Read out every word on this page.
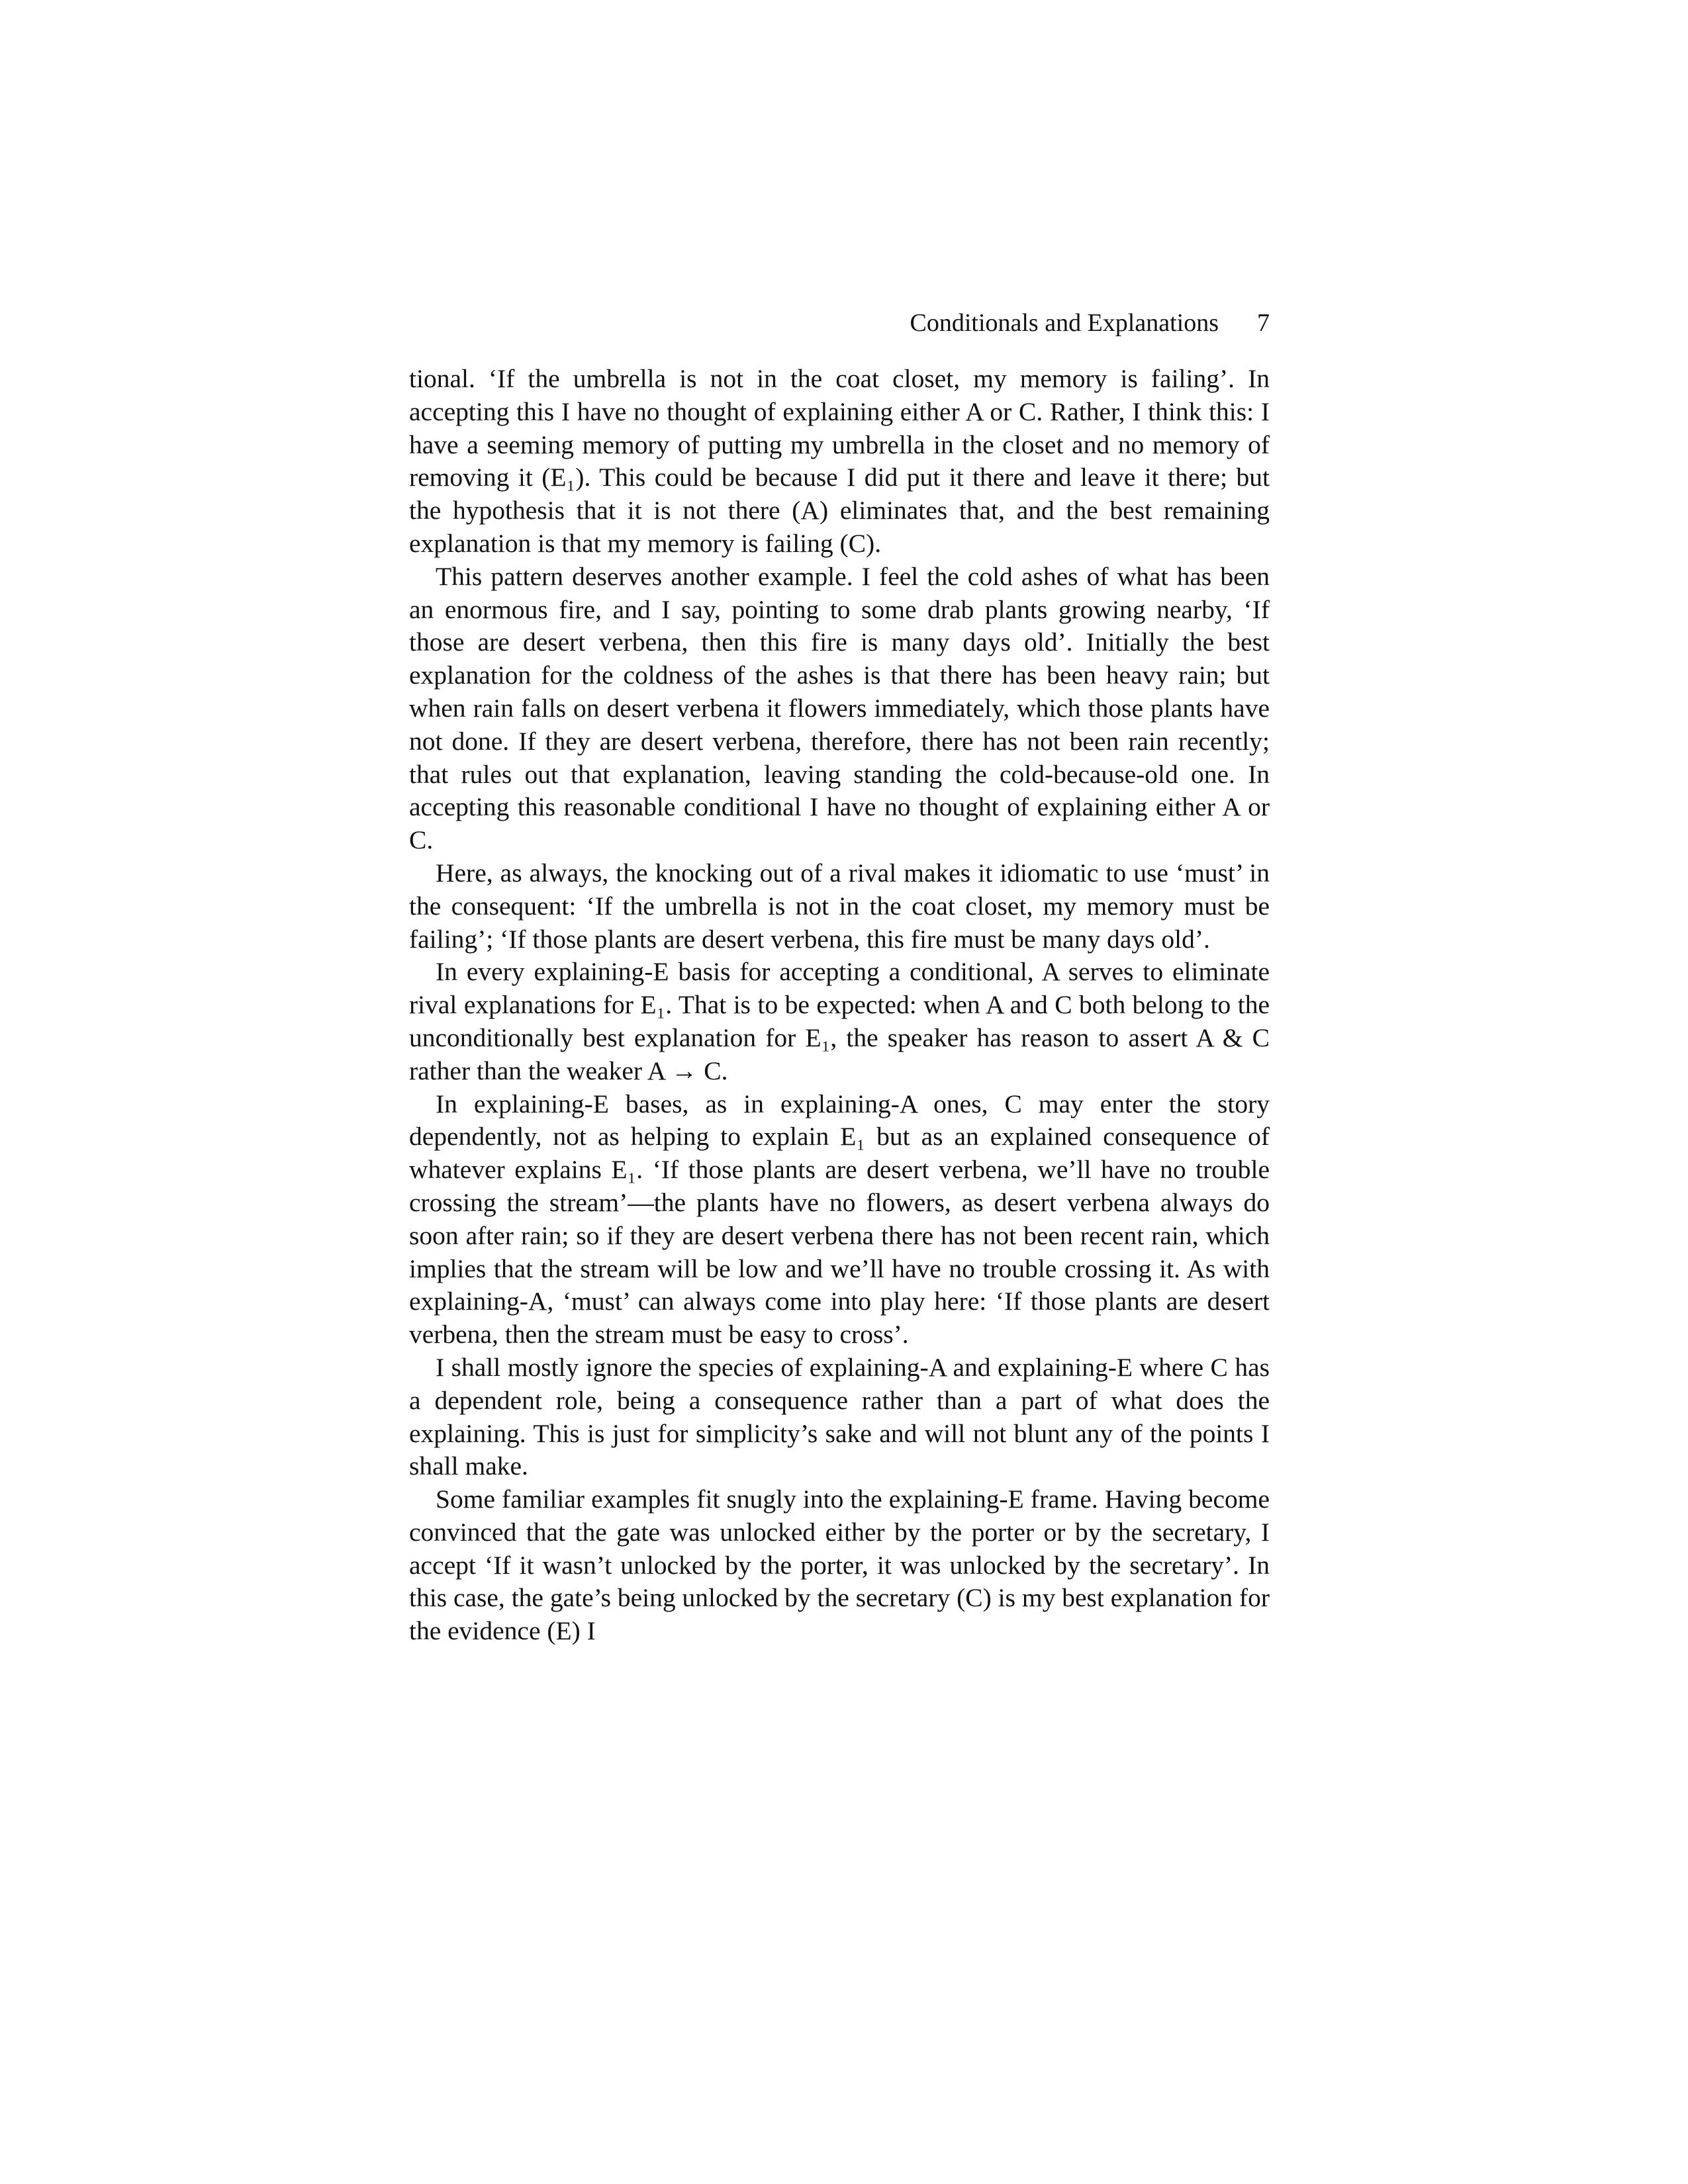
Conditionals and Explanations 7

tional. ‘If the umbrella is not in the coat closet, my memory is failing’. In accepting this I have no thought of explaining either A or C. Rather, I think this: I have a seeming memory of putting my umbrella in the closet and no memory of removing it (E₁). This could be because I did put it there and leave it there; but the hypothesis that it is not there (A) eliminates that, and the best remaining explanation is that my memory is failing (C).

This pattern deserves another example. I feel the cold ashes of what has been an enormous fire, and I say, pointing to some drab plants growing nearby, ‘If those are desert verbena, then this fire is many days old’. Initially the best explanation for the coldness of the ashes is that there has been heavy rain; but when rain falls on desert verbena it flowers immediately, which those plants have not done. If they are desert verbena, therefore, there has not been rain recently; that rules out that explanation, leaving standing the cold-because-old one. In accepting this reasonable conditional I have no thought of explaining either A or C.

Here, as always, the knocking out of a rival makes it idiomatic to use ‘must’ in the consequent: ‘If the umbrella is not in the coat closet, my memory must be failing’; ‘If those plants are desert verbena, this fire must be many days old’.

In every explaining-E basis for accepting a conditional, A serves to eliminate rival explanations for E₁. That is to be expected: when A and C both belong to the unconditionally best explanation for E₁, the speaker has reason to assert A & C rather than the weaker A → C.

In explaining-E bases, as in explaining-A ones, C may enter the story dependently, not as helping to explain E₁ but as an explained consequence of whatever explains E₁. ‘If those plants are desert verbena, we’ll have no trouble crossing the stream’—the plants have no flowers, as desert verbena always do soon after rain; so if they are desert verbena there has not been recent rain, which implies that the stream will be low and we’ll have no trouble crossing it. As with explaining-A, ‘must’ can always come into play here: ‘If those plants are desert verbena, then the stream must be easy to cross’.

I shall mostly ignore the species of explaining-A and explaining-E where C has a dependent role, being a consequence rather than a part of what does the explaining. This is just for simplicity’s sake and will not blunt any of the points I shall make.

Some familiar examples fit snugly into the explaining-E frame. Having become convinced that the gate was unlocked either by the porter or by the secretary, I accept ‘If it wasn’t unlocked by the porter, it was unlocked by the secretary’. In this case, the gate’s being unlocked by the secretary (C) is my best explanation for the evidence (E) I
